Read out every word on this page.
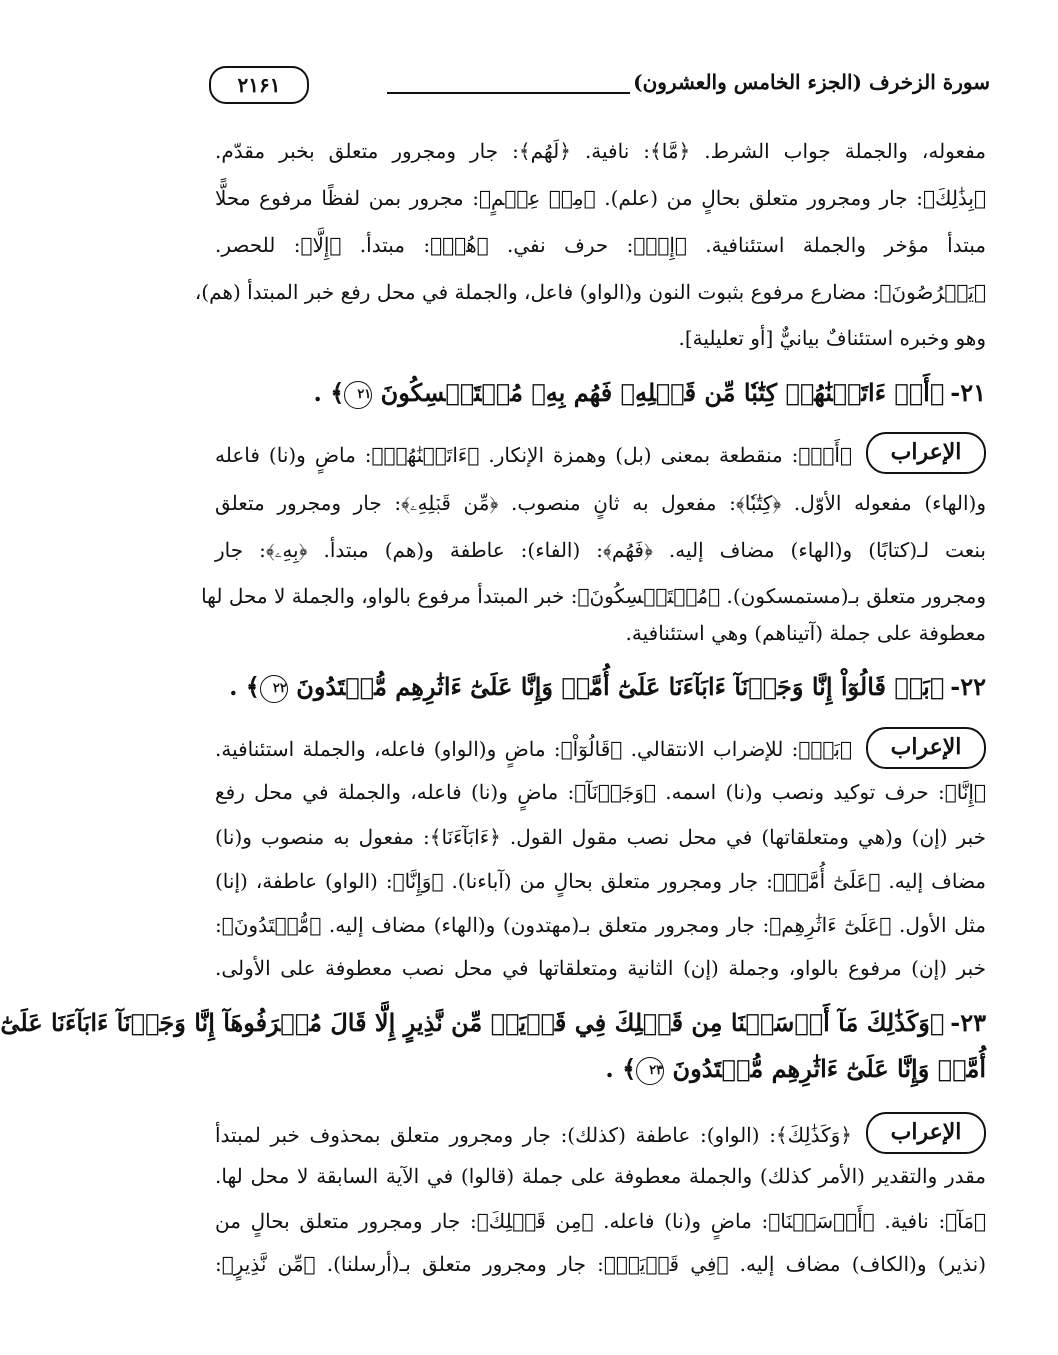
سورة الزخرف (الجزء الخامس والعشرون)
۲۱۶۱
مفعوله، والجملة جواب الشرط. ﴿مَّا﴾: نافية. ﴿لَهُم﴾: جار ومجرور متعلق بخبر مقدّم.
﴿بِذَٰلِكَ﴾: جار ومجرور متعلق بحالٍ من (علم). ﴿مِنۡ عِلۡمٍ﴾: مجرور بمن لفظًا مرفوع محلًّا
مبتدأ مؤخر والجملة استئنافية. ﴿إِنۡ﴾: حرف نفي. ﴿هُمۡ﴾: مبتدأ. ﴿إِلَّا﴾: للحصر.
﴿يَخۡرُصُونَ﴾: مضارع مرفوع بثبوت النون و(الواو) فاعل، والجملة في محل رفع خبر المبتدأ (هم)،
وهو وخبره استئنافٌ بيانيٌّ [أو تعليلية].
۲۱-﴿أَمۡ ءَاتَيۡنَٰهُمۡ كِتَٰبٗا مِّن قَبۡلِهِۦ فَهُم بِهِۦ مُسۡتَمۡسِكُونَ ٢١﴾ .
الإعراب
﴿أَمۡ﴾: منقطعة بمعنى (بل) وهمزة الإنكار. ﴿ءَاتَيۡنَٰهُمۡ﴾: ماضٍ و(نا) فاعله
و(الهاء) مفعوله الأوّل. ﴿كِتَٰبٗا﴾: مفعول به ثانٍ منصوب. ﴿مِّن قَبۡلِهِۦ﴾: جار ومجرور متعلق
بنعت لـ(كتابًا) و(الهاء) مضاف إليه. ﴿فَهُم﴾: (الفاء): عاطفة و(هم) مبتدأ. ﴿بِهِۦ﴾: جار
ومجرور متعلق بـ(مستمسكون). ﴿مُسۡتَمۡسِكُونَ﴾: خبر المبتدأ مرفوع بالواو، والجملة لا محل لها
معطوفة على جملة (آتيناهم) وهي استئنافية.
۲۲-﴿بَلۡ قَالُوٓاْ إِنَّا وَجَدۡنَآ ءَابَآءَنَا عَلَىٰٓ أُمَّةٖ وَإِنَّا عَلَىٰٓ ءَاثَٰرِهِم مُّهۡتَدُونَ ٢٢﴾ .
الإعراب
﴿بَلۡ﴾: للإضراب الانتقالي. ﴿قَالُوٓاْ﴾: ماضٍ و(الواو) فاعله، والجملة استئنافية.
﴿إِنَّا﴾: حرف توكيد ونصب و(نا) اسمه. ﴿وَجَدۡنَآ﴾: ماضٍ و(نا) فاعله، والجملة في محل رفع
خبر (إن) و(هي ومتعلقاتها) في محل نصب مقول القول. ﴿ءَابَآءَنَا﴾: مفعول به منصوب و(نا)
مضاف إليه. ﴿عَلَىٰٓ أُمَّةٖ﴾: جار ومجرور متعلق بحالٍ من (آباءنا). ﴿وَإِنَّا﴾: (الواو) عاطفة، (إنا)
مثل الأول. ﴿عَلَىٰٓ ءَاثَٰرِهِم﴾: جار ومجرور متعلق بـ(مهتدون) و(الهاء) مضاف إليه. ﴿مُّهۡتَدُونَ﴾:
خبر (إن) مرفوع بالواو، وجملة (إن) الثانية ومتعلقاتها في محل نصب معطوفة على الأولى.
۲۳-﴿وَكَذَٰلِكَ مَآ أَرۡسَلۡنَا مِن قَبۡلِكَ فِي قَرۡيَةٖ مِّن نَّذِيرٍ إِلَّا قَالَ مُتۡرَفُوهَآ إِنَّا وَجَدۡنَآ ءَابَآءَنَا عَلَىٰٓ
أُمَّةٖ وَإِنَّا عَلَىٰٓ ءَاثَٰرِهِم مُّقۡتَدُونَ ٢٣﴾ .
الإعراب
﴿وَكَذَٰلِكَ﴾: (الواو): عاطفة (كذلك): جار ومجرور متعلق بمحذوف خبر لمبتدأ
مقدر والتقدير (الأمر كذلك) والجملة معطوفة على جملة (قالوا) في الآية السابقة لا محل لها.
﴿مَآ﴾: نافية. ﴿أَرۡسَلۡنَا﴾: ماضٍ و(نا) فاعله. ﴿مِن قَبۡلِكَ﴾: جار ومجرور متعلق بحالٍ من
(نذير) و(الكاف) مضاف إليه. ﴿فِي قَرۡيَةٖ﴾: جار ومجرور متعلق بـ(أرسلنا). ﴿مِّن نَّذِيرٍ﴾:
